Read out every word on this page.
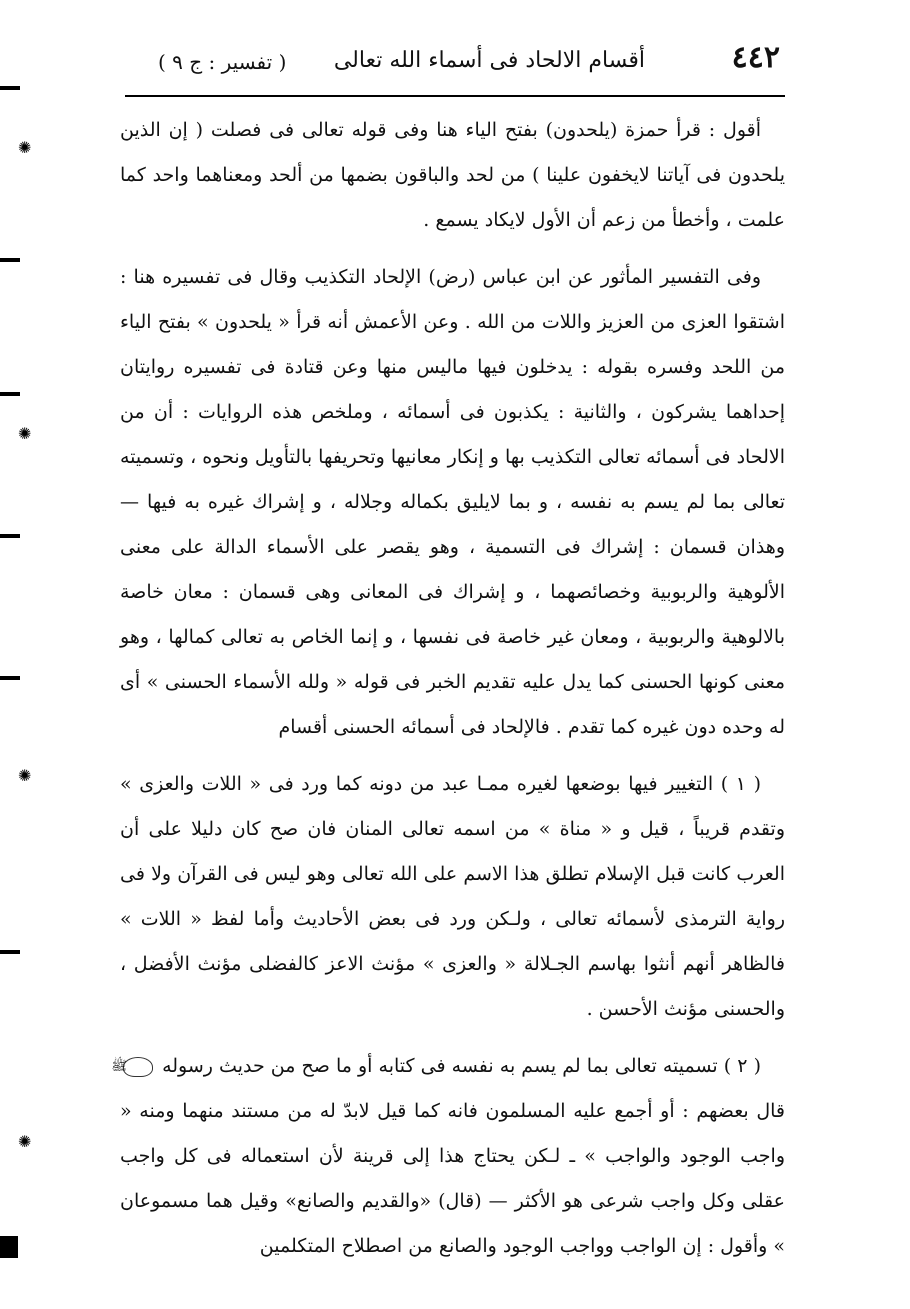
✺
✺
✺
✺
٤٤٢
أقسام الالحاد فى أسماء الله تعالى
( تفسير : ج ٩ )

أقول : قرأ حمزة (يلحدون) بفتح الياء هنا وفى قوله تعالى فى فصلت ( إن الذين يلحدون فى آياتنا لايخفون علينا ) من لحد والباقون بضمها من ألحد ومعناهما واحد كما علمت ، وأخطأ من زعم أن الأول لايكاد يسمع .

وفى التفسير المأثور عن ابن عباس (رض) الإلحاد التكذيب وقال فى تفسيره هنا : اشتقوا العزى من العزيز واللات من الله . وعن الأعمش أنه قرأ « يلحدون » بفتح الياء من اللحد وفسره بقوله : يدخلون فيها ماليس منها وعن قتادة فى تفسيره روايتان إحداهما يشركون ، والثانية : يكذبون فى أسمائه ، وملخص هذه الروايات : أن من الالحاد فى أسمائه تعالى التكذيب بها و إنكار معانيها وتحريفها بالتأويل ونحوه ، وتسميته تعالى بما لم يسم به نفسه ، و بما لايليق بكماله وجلاله ، و إشراك غيره به فيها — وهذان قسمان : إشراك فى التسمية ، وهو يقصر على الأسماء الدالة على معنى الألوهية والربوبية وخصائصهما ، و إشراك فى المعانى وهى قسمان : معان خاصة بالالوهية والربوبية ، ومعان غير خاصة فى نفسها ، و إنما الخاص به تعالى كمالها ، وهو معنى كونها الحسنى كما يدل عليه تقديم الخبر فى قوله « ولله الأسماء الحسنى » أى له وحده دون غيره كما تقدم . فالإلحاد فى أسمائه الحسنى أقسام

( ١ ) التغيير فيها بوضعها لغيره ممـا عبد من دونه كما ورد فى « اللات والعزى » وتقدم قريباً ، قيل و « مناة » من اسمه تعالى المنان فان صح كان دليلا على أن العرب كانت قبل الإسلام تطلق هذا الاسم على الله تعالى وهو ليس فى القرآن ولا فى رواية الترمذى لأسمائه تعالى ، ولـكن ورد فى بعض الأحاديث وأما لفظ « اللات » فالظاهر أنهم أنثوا بهاسم الجـلالة « والعزى » مؤنث الاعز كالفضلى مؤنث الأفضل ، والحسنى مؤنث الأحسن .

( ٢ ) تسميته تعالى بما لم يسم به نفسه فى كتابه أو ما صح من حديث رسوله ﷺ قال بعضهم : أو أجمع عليه المسلمون فانه كما قيل لابدّ له من مستند منهما ومنه « واجب الوجود والواجب » ـ لـكن يحتاج هذا إلى قرينة لأن استعماله فى كل واجب عقلى وكل واجب شرعى هو الأكثر — (قال) «والقديم والصانع» وقيل هما مسموعان » وأقول : إن الواجب وواجب الوجود والصانع من اصطلاح المتكلمين
